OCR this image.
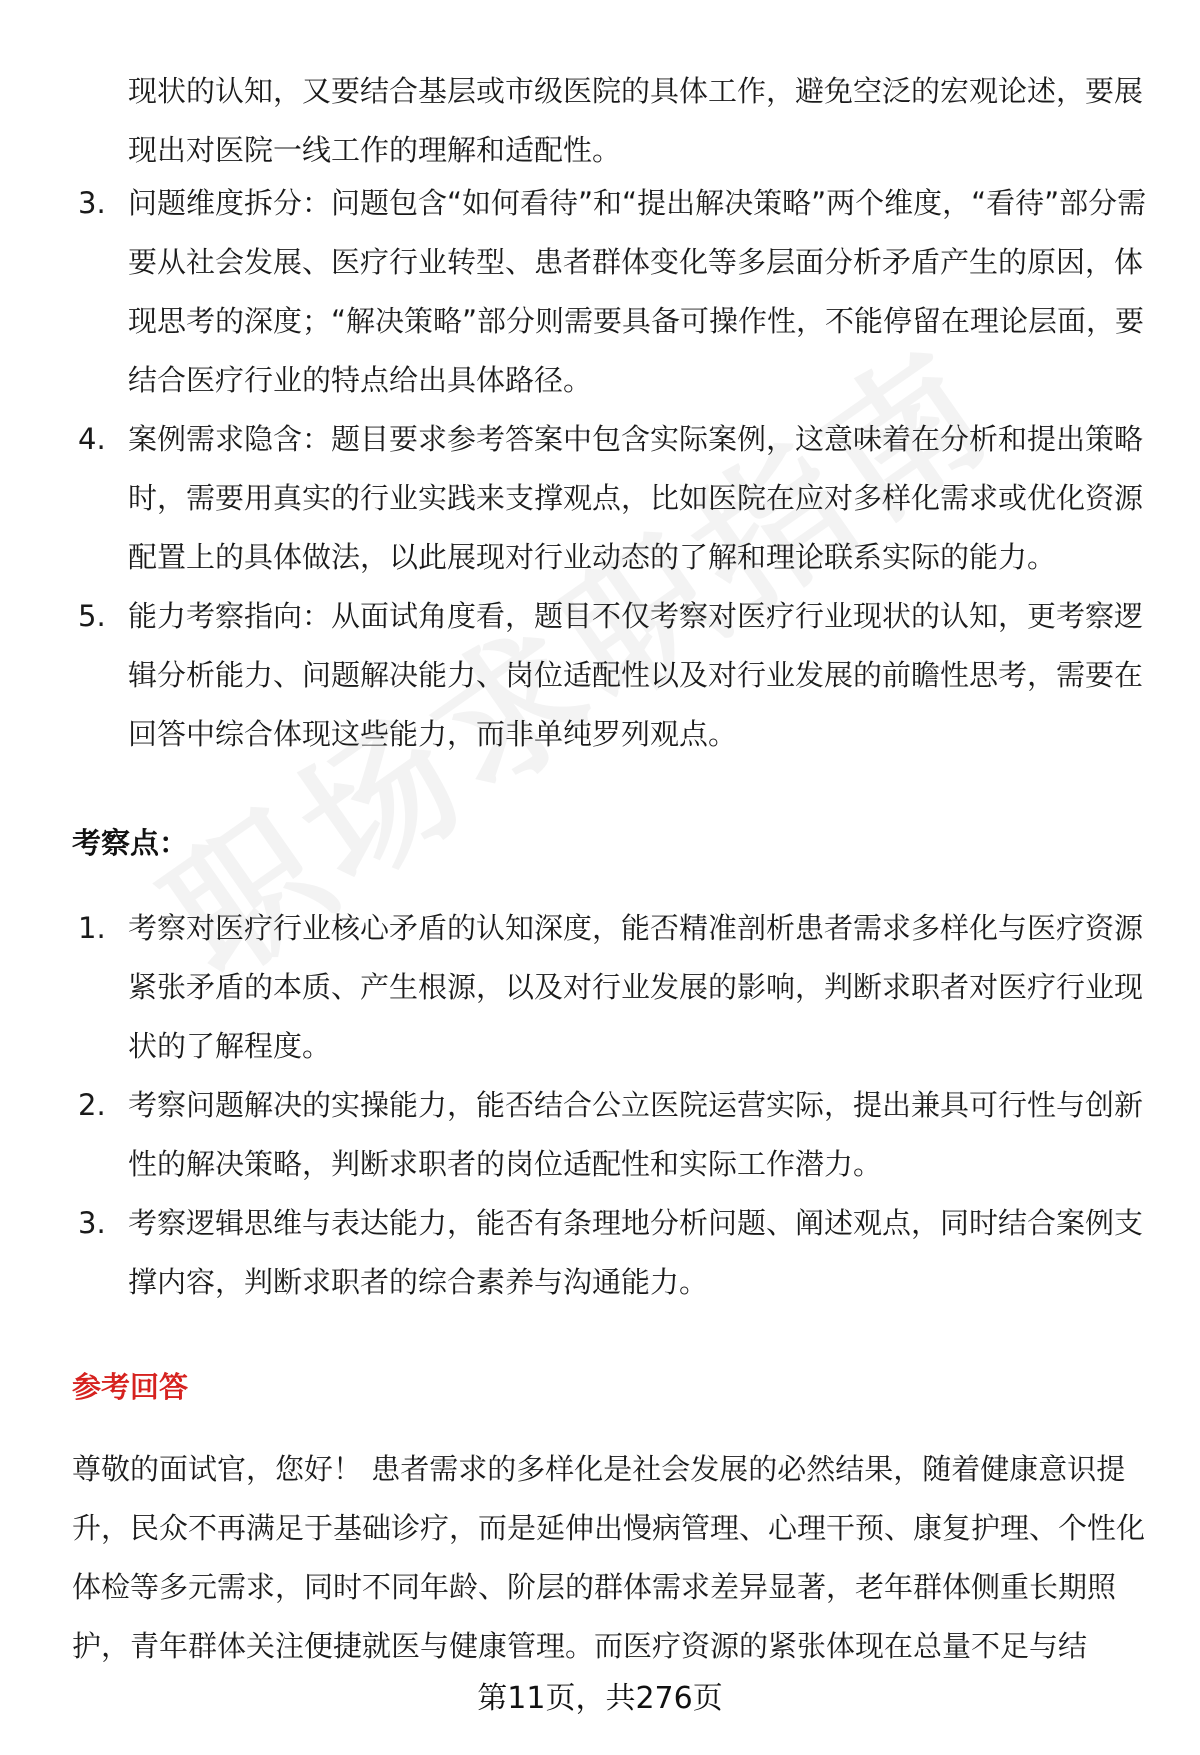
现状的认知，又要结合基层或市级医院的具体工作，避免空泛的宏观论述，要展现出对医院一线工作的理解和适配性。
3. 问题维度拆分：问题包含“如何看待”和“提出解决策略”两个维度，“看待”部分需要从社会发展、医疗行业转型、患者群体变化等多层面分析矛盾产生的原因，体现思考的深度；“解决策略”部分则需要具备可操作性，不能停留在理论层面，要结合医疗行业的特点给出具体路径。
4. 案例需求隐含：题目要求参考答案中包含实际案例，这意味着在分析和提出策略时，需要用真实的行业实践来支撑观点，比如医院在应对多样化需求或优化资源配置上的具体做法，以此展现对行业动态的了解和理论联系实际的能力。
5. 能力考察指向：从面试角度看，题目不仅考察对医疗行业现状的认知，更考察逻辑分析能力、问题解决能力、岗位适配性以及对行业发展的前瞻性思考，需要在回答中综合体现这些能力，而非单纯罗列观点。
考察点：
1. 考察对医疗行业核心矛盾的认知深度，能否精准剖析患者需求多样化与医疗资源紧张矛盾的本质、产生根源，以及对行业发展的影响，判断求职者对医疗行业现状的了解程度。
2. 考察问题解决的实操能力，能否结合公立医院运营实际，提出兼具可行性与创新性的解决策略，判断求职者的岗位适配性和实际工作潜力。
3. 考察逻辑思维与表达能力，能否有条理地分析问题、阐述观点，同时结合案例支撑内容，判断求职者的综合素养与沟通能力。
参考回答
尊敬的面试官，您好！ 患者需求的多样化是社会发展的必然结果，随着健康意识提升，民众不再满足于基础诊疗，而是延伸出慢病管理、心理干预、康复护理、个性化体检等多元需求，同时不同年龄、阶层的群体需求差异显著，老年群体侧重长期照护，青年群体关注便捷就医与健康管理。而医疗资源的紧张体现在总量不足与结
第11页，共276页
